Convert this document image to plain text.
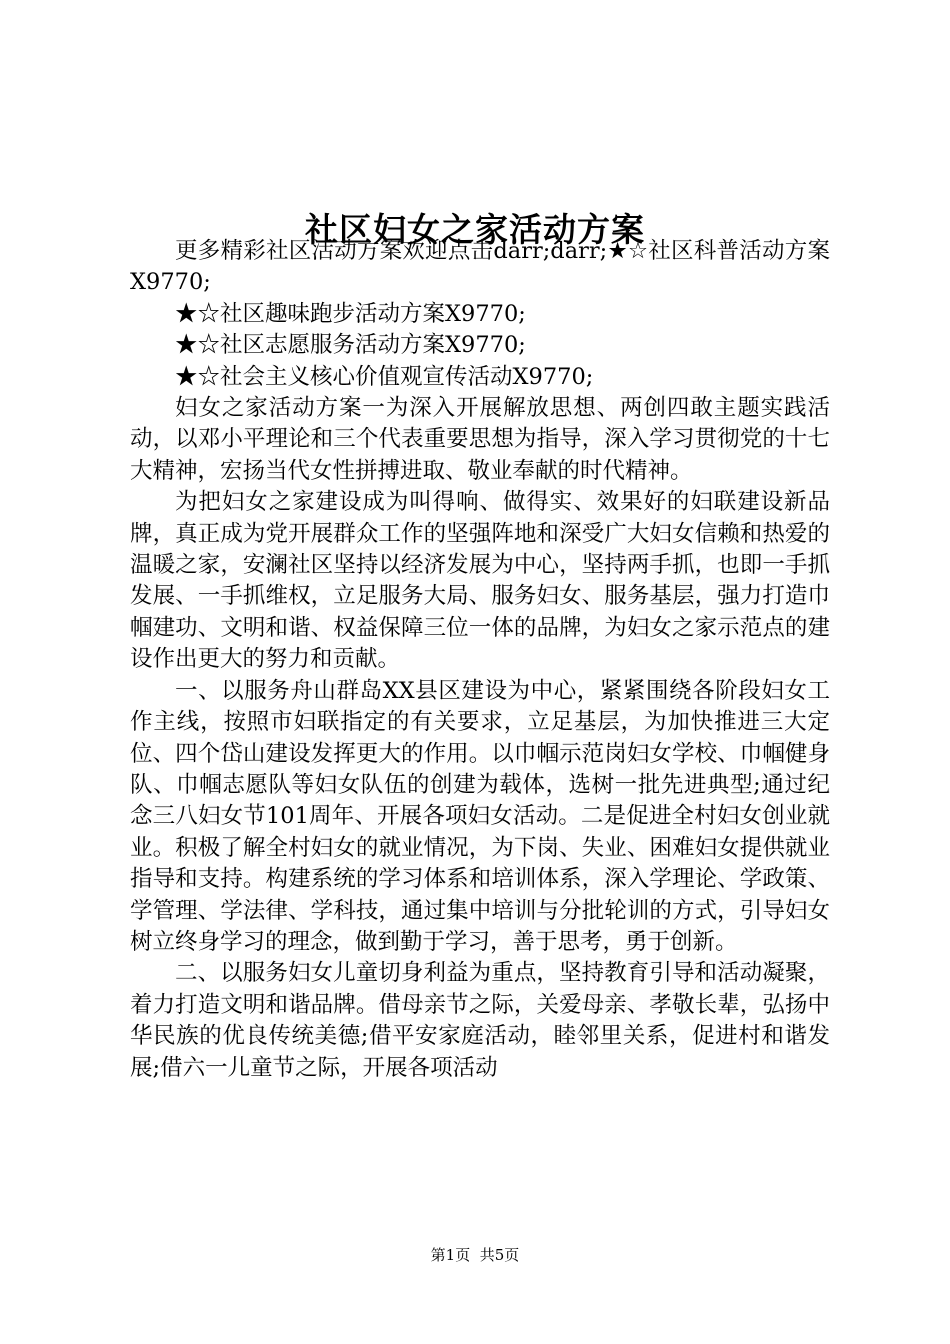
社区妇女之家活动方案

更多精彩社区活动方案欢迎点击darr;darr;★☆社区科普活动方案X9770;

★☆社区趣味跑步活动方案X9770;

★☆社区志愿服务活动方案X9770;

★☆社会主义核心价值观宣传活动X9770;

妇女之家活动方案一为深入开展解放思想、两创四敢主题实践活动，以邓小平理论和三个代表重要思想为指导，深入学习贯彻党的十七大精神，宏扬当代女性拼搏进取、敬业奉献的时代精神。

为把妇女之家建设成为叫得响、做得实、效果好的妇联建设新品牌，真正成为党开展群众工作的坚强阵地和深受广大妇女信赖和热爱的温暖之家，安澜社区坚持以经济发展为中心，坚持两手抓，也即一手抓发展、一手抓维权，立足服务大局、服务妇女、服务基层，强力打造巾帼建功、文明和谐、权益保障三位一体的品牌，为妇女之家示范点的建设作出更大的努力和贡献。

一、以服务舟山群岛XX县区建设为中心，紧紧围绕各阶段妇女工作主线，按照市妇联指定的有关要求，立足基层，为加快推进三大定位、四个岱山建设发挥更大的作用。以巾帼示范岗妇女学校、巾帼健身队、巾帼志愿队等妇女队伍的创建为载体，选树一批先进典型;通过纪念三八妇女节101周年、开展各项妇女活动。二是促进全村妇女创业就业。积极了解全村妇女的就业情况，为下岗、失业、困难妇女提供就业指导和支持。构建系统的学习体系和培训体系，深入学理论、学政策、学管理、学法律、学科技，通过集中培训与分批轮训的方式，引导妇女树立终身学习的理念，做到勤于学习，善于思考，勇于创新。

二、以服务妇女儿童切身利益为重点，坚持教育引导和活动凝聚，着力打造文明和谐品牌。借母亲节之际，关爱母亲、孝敬长辈，弘扬中华民族的优良传统美德;借平安家庭活动，睦邻里关系，促进村和谐发展;借六一儿童节之际，开展各项活动

第1页 共5页
